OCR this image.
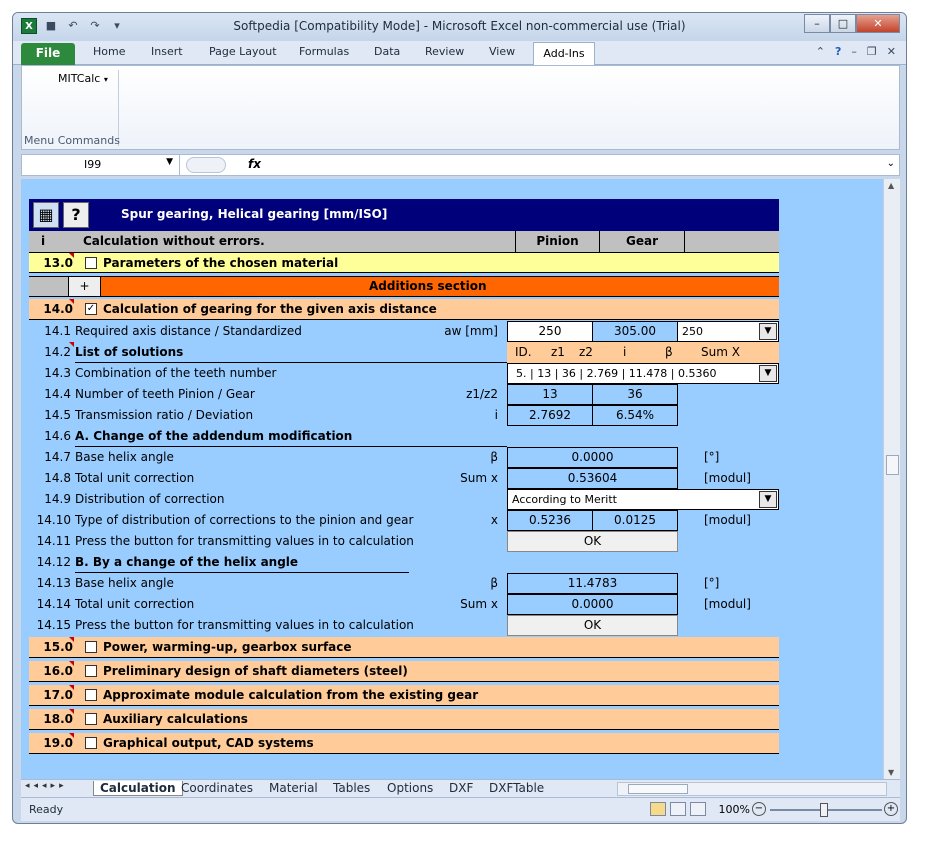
X	■	↶	↷	▾	Softpedia [Compatibility Mode] - Microsoft Excel non-commercial use (Trial)	–	□	✕
File	Home Insert Page Layout Formulas Data Review View	Add-Ins	⌃ ? – ❐ ✕
MITCalc ▾
Menu Commands
I99	▼	fx	⌄
▦	?	Spur gearing, Helical gearing [mm/ISO]
i	Calculation without errors.	Pinion	Gear
13.0	Parameters of the chosen material
+	Additions section
14.0 ✓ Calculation of gearing for the given axis distance
14.1 Required axis distance / Standardized	aw [mm]	250	305.00	250	▼
14.2 List of solutions	ID. z1 z2	i	β Sum X
14.3 Combination of the teeth number	5. | 13 | 36 | 2.769 | 11.478 | 0.5360	▼
14.4 Number of teeth Pinion / Gear	z1/z2	13	36
14.5 Transmission ratio / Deviation	i	2.7692	6.54%
14.6 A. Change of the addendum modification
14.7 Base helix angle	β	0.0000	[°]
14.8 Total unit correction	Sum x	0.53604	[modul]
14.9 Distribution of correction	According to Meritt	▼
14.10 Type of distribution of corrections to the pinion and gear	x	0.5236	0.0125	[modul]
14.11 Press the button for transmitting values in to calculation	OK
14.12 B. By a change of the helix angle
14.13 Base helix angle	β	11.4783	[°]
14.14 Total unit correction	Sum x	0.0000	[modul]
14.15 Press the button for transmitting values in to calculation	OK
15.0	Power, warming-up, gearbox surface
16.0	Preliminary design of shaft diameters (steel)
17.0	Approximate module calculation from the existing gear
18.0	Auxiliary calculations
19.0	Graphical output, CAD systems
▲
▼
◂◂◂▸▸	Calculation Coordinates Material Tables Options DXF DXFTable
Ready	100% −	+
